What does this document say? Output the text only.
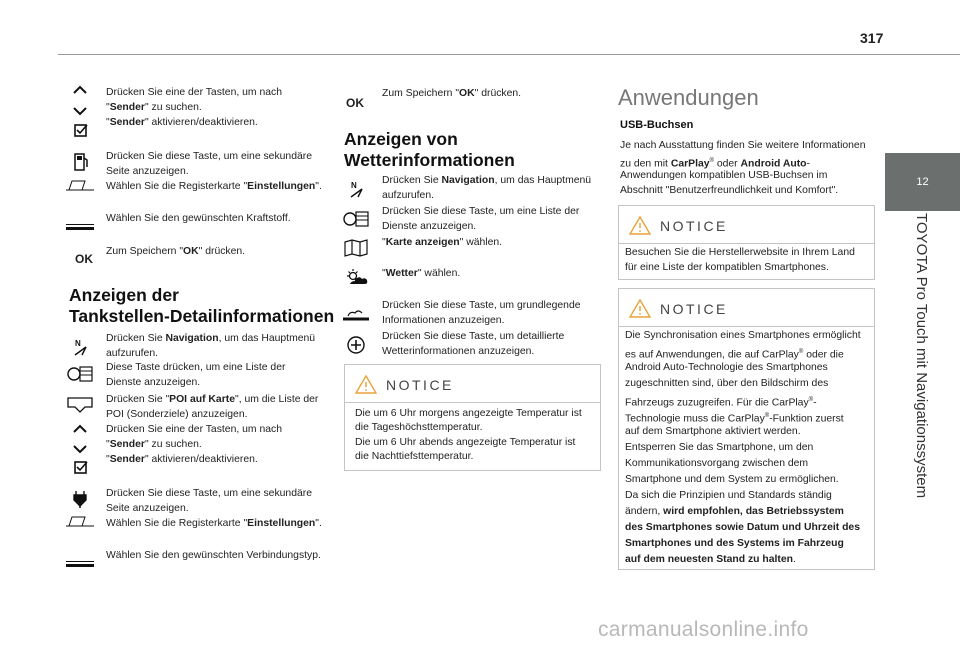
317
12
TOYOTA Pro Touch mit Navigationssystem
Drücken Sie eine der Tasten, um nach
"Sender" zu suchen.
"Sender" aktivieren/deaktivieren.
Drücken Sie diese Taste, um eine sekundäre
Seite anzuzeigen.
Wählen Sie die Registerkarte "Einstellungen".
Wählen Sie den gewünschten Kraftstoff.
OK
Zum Speichern "OK" drücken.
Anzeigen der
Tankstellen-Detailinformationen
N Drücken Sie Navigation, um das Hauptmenü
aufzurufen.
Diese Taste drücken, um eine Liste der
Dienste anzuzeigen.
Drücken Sie "POI auf Karte", um die Liste der
POI (Sonderziele) anzuzeigen.
Drücken Sie eine der Tasten, um nach
"Sender" zu suchen.
"Sender" aktivieren/deaktivieren.
Drücken Sie diese Taste, um eine sekundäre
Seite anzuzeigen.
Wählen Sie die Registerkarte "Einstellungen".
Wählen Sie den gewünschten Verbindungstyp.
OK
Zum Speichern "OK" drücken.
Anzeigen von
Wetterinformationen
N Drücken Sie Navigation, um das Hauptmenü
aufzurufen.
Drücken Sie diese Taste, um eine Liste der
Dienste anzuzeigen.
"Karte anzeigen" wählen.
"Wetter" wählen.
Drücken Sie diese Taste, um grundlegende
Informationen anzuzeigen.
Drücken Sie diese Taste, um detaillierte
Wetterinformationen anzuzeigen.
NOTICE
Die um 6 Uhr morgens angezeigte Temperatur ist
die Tageshöchsttemperatur.
Die um 6 Uhr abends angezeigte Temperatur ist
die Nachttiefsttemperatur.
Anwendungen
USB-Buchsen
Je nach Ausstattung finden Sie weitere Informationen
zu den mit CarPlay® oder Android Auto-
Anwendungen kompatiblen USB-Buchsen im
Abschnitt "Benutzerfreundlichkeit und Komfort".
NOTICE
Besuchen Sie die Herstellerwebsite in Ihrem Land
für eine Liste der kompatiblen Smartphones.
NOTICE
Die Synchronisation eines Smartphones ermöglicht
es auf Anwendungen, die auf CarPlay® oder die
Android Auto-Technologie des Smartphones
zugeschnitten sind, über den Bildschirm des
Fahrzeugs zuzugreifen. Für die CarPlay®-
Technologie muss die CarPlay®-Funktion zuerst
auf dem Smartphone aktiviert werden.
Entsperren Sie das Smartphone, um den
Kommunikationsvorgang zwischen dem
Smartphone und dem System zu ermöglichen.
Da sich die Prinzipien und Standards ständig
ändern, wird empfohlen, das Betriebssystem
des Smartphones sowie Datum und Uhrzeit des
Smartphones und des Systems im Fahrzeug
auf dem neuesten Stand zu halten.
carmanualsonline.info
